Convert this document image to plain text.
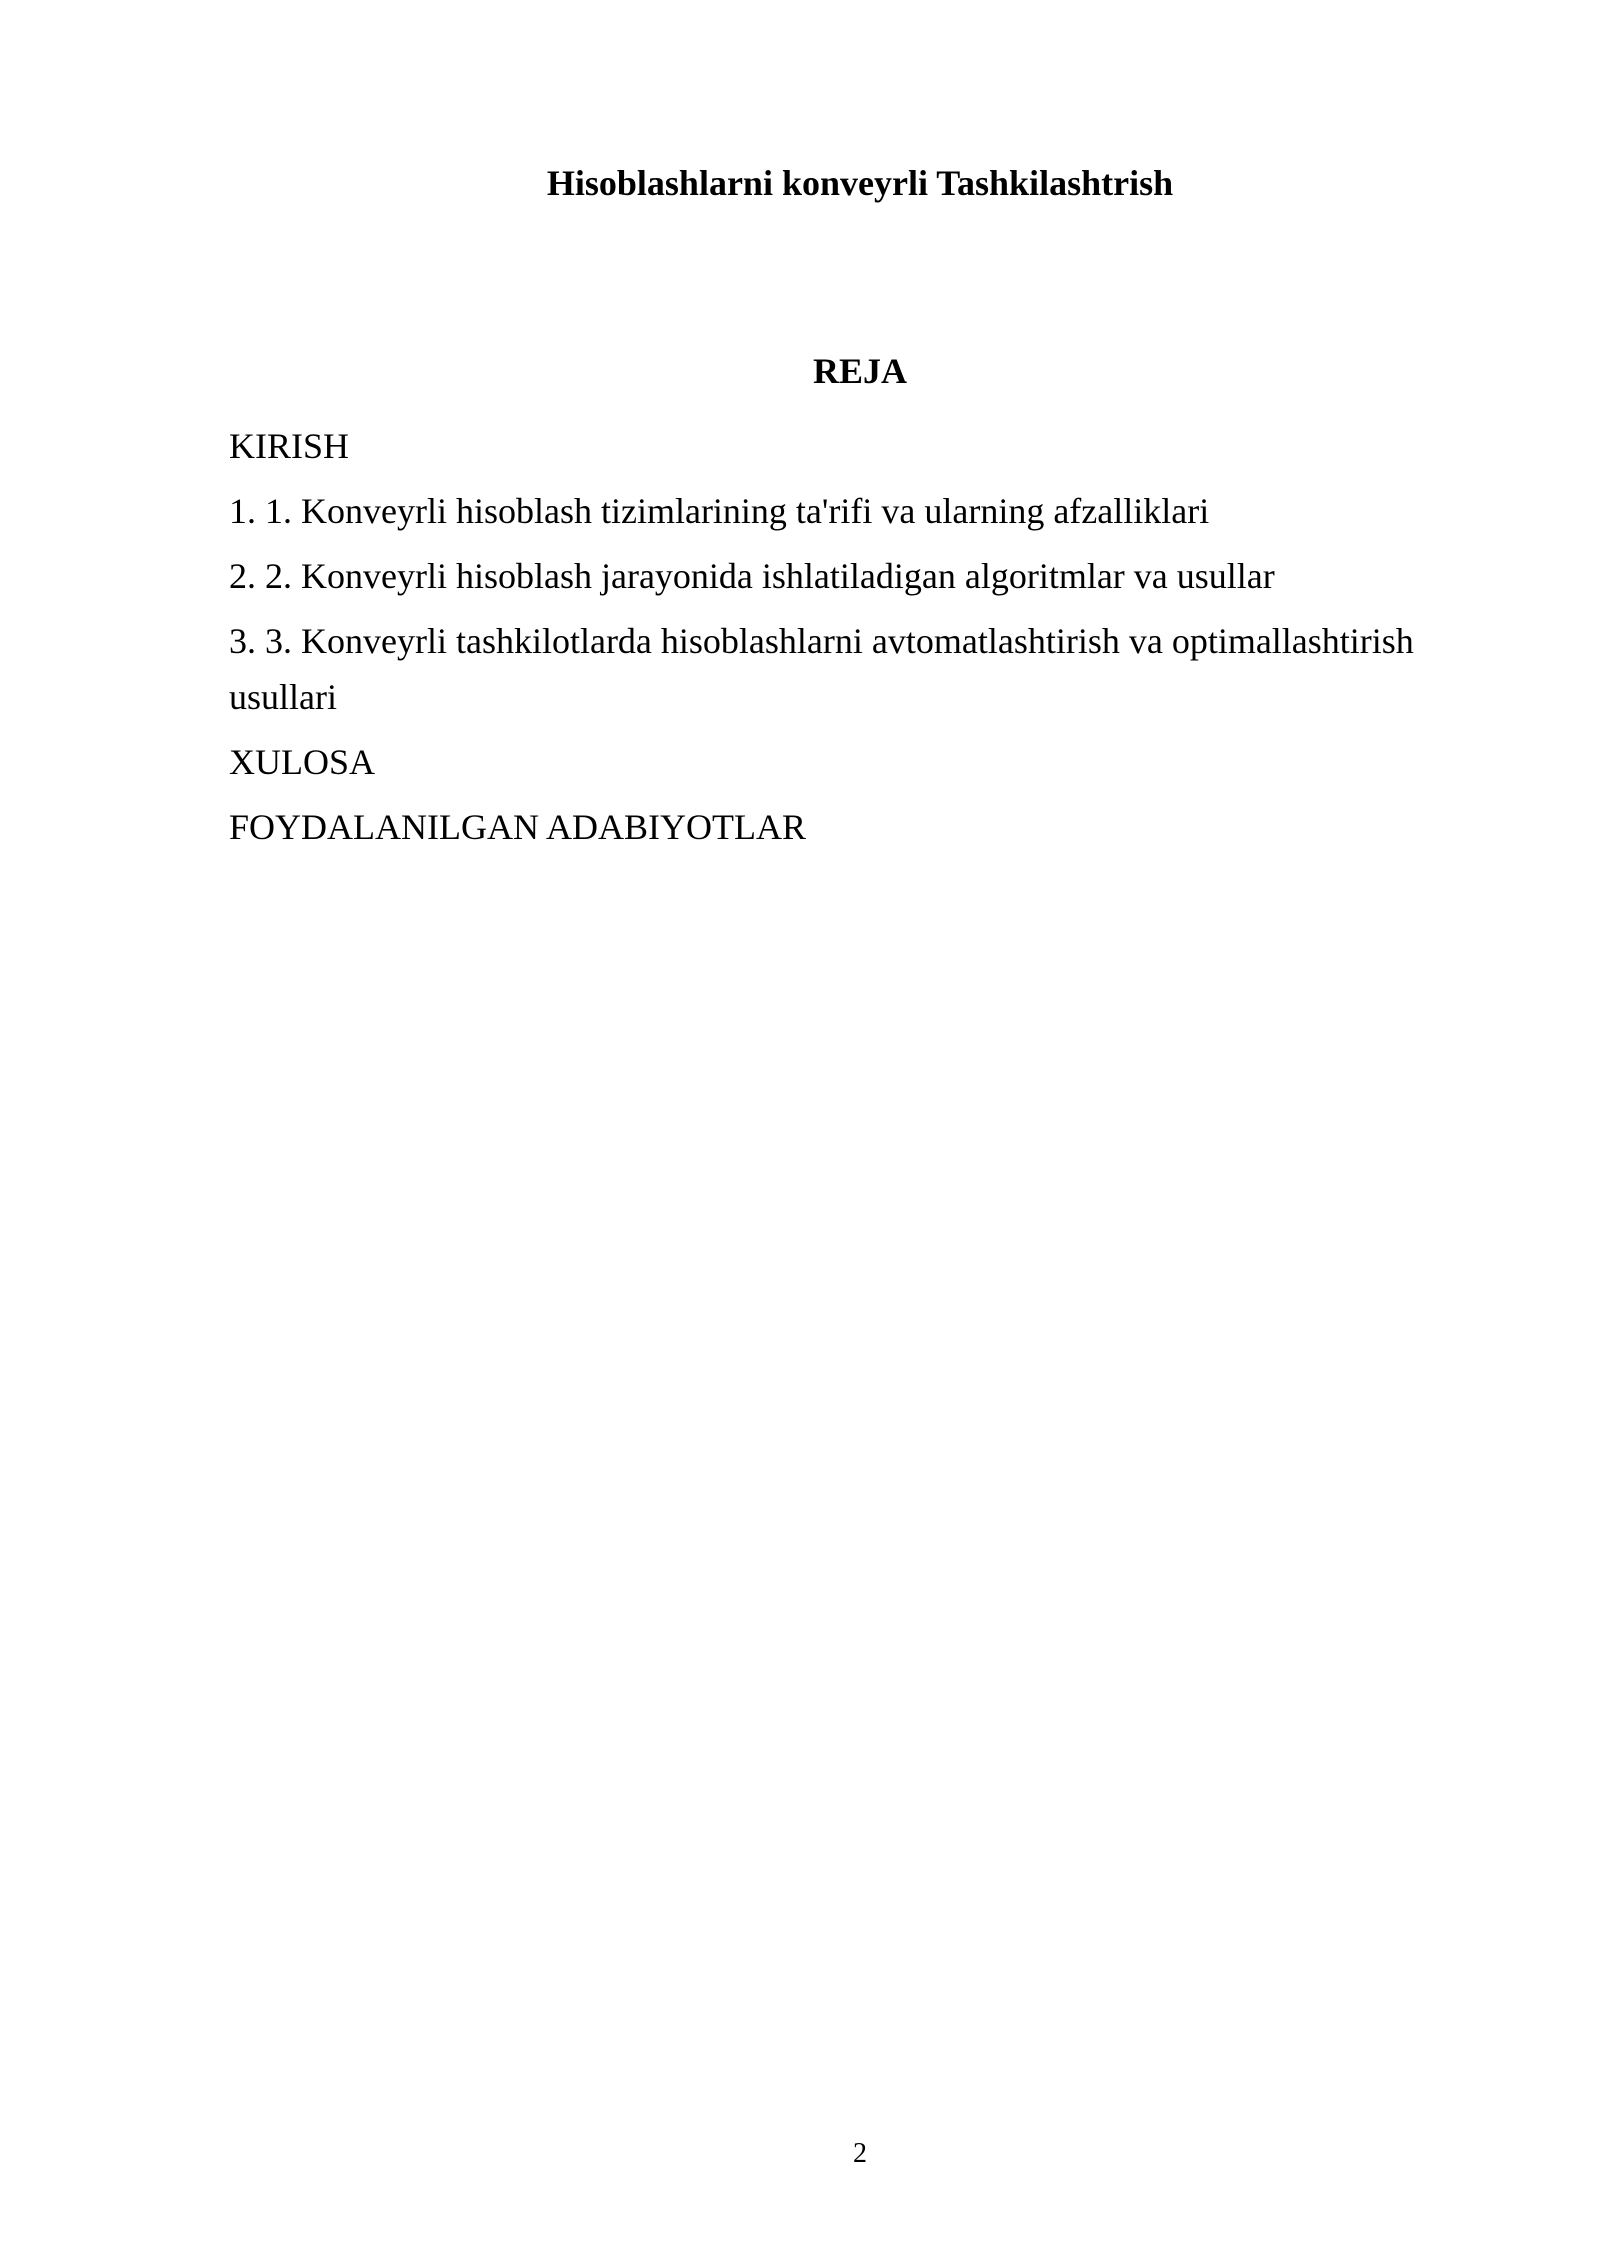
Hisoblashlarni konveyrli Tashkilashtrish
REJA
KIRISH
1. 1. Konveyrli hisoblash tizimlarining ta'rifi va ularning afzalliklari
2. 2. Konveyrli hisoblash jarayonida ishlatiladigan algoritmlar va usullar
3. 3. Konveyrli tashkilotlarda hisoblashlarni avtomatlashtirish va optimallashtirish usullari
XULOSA
FOYDALANILGAN ADABIYOTLAR
2
